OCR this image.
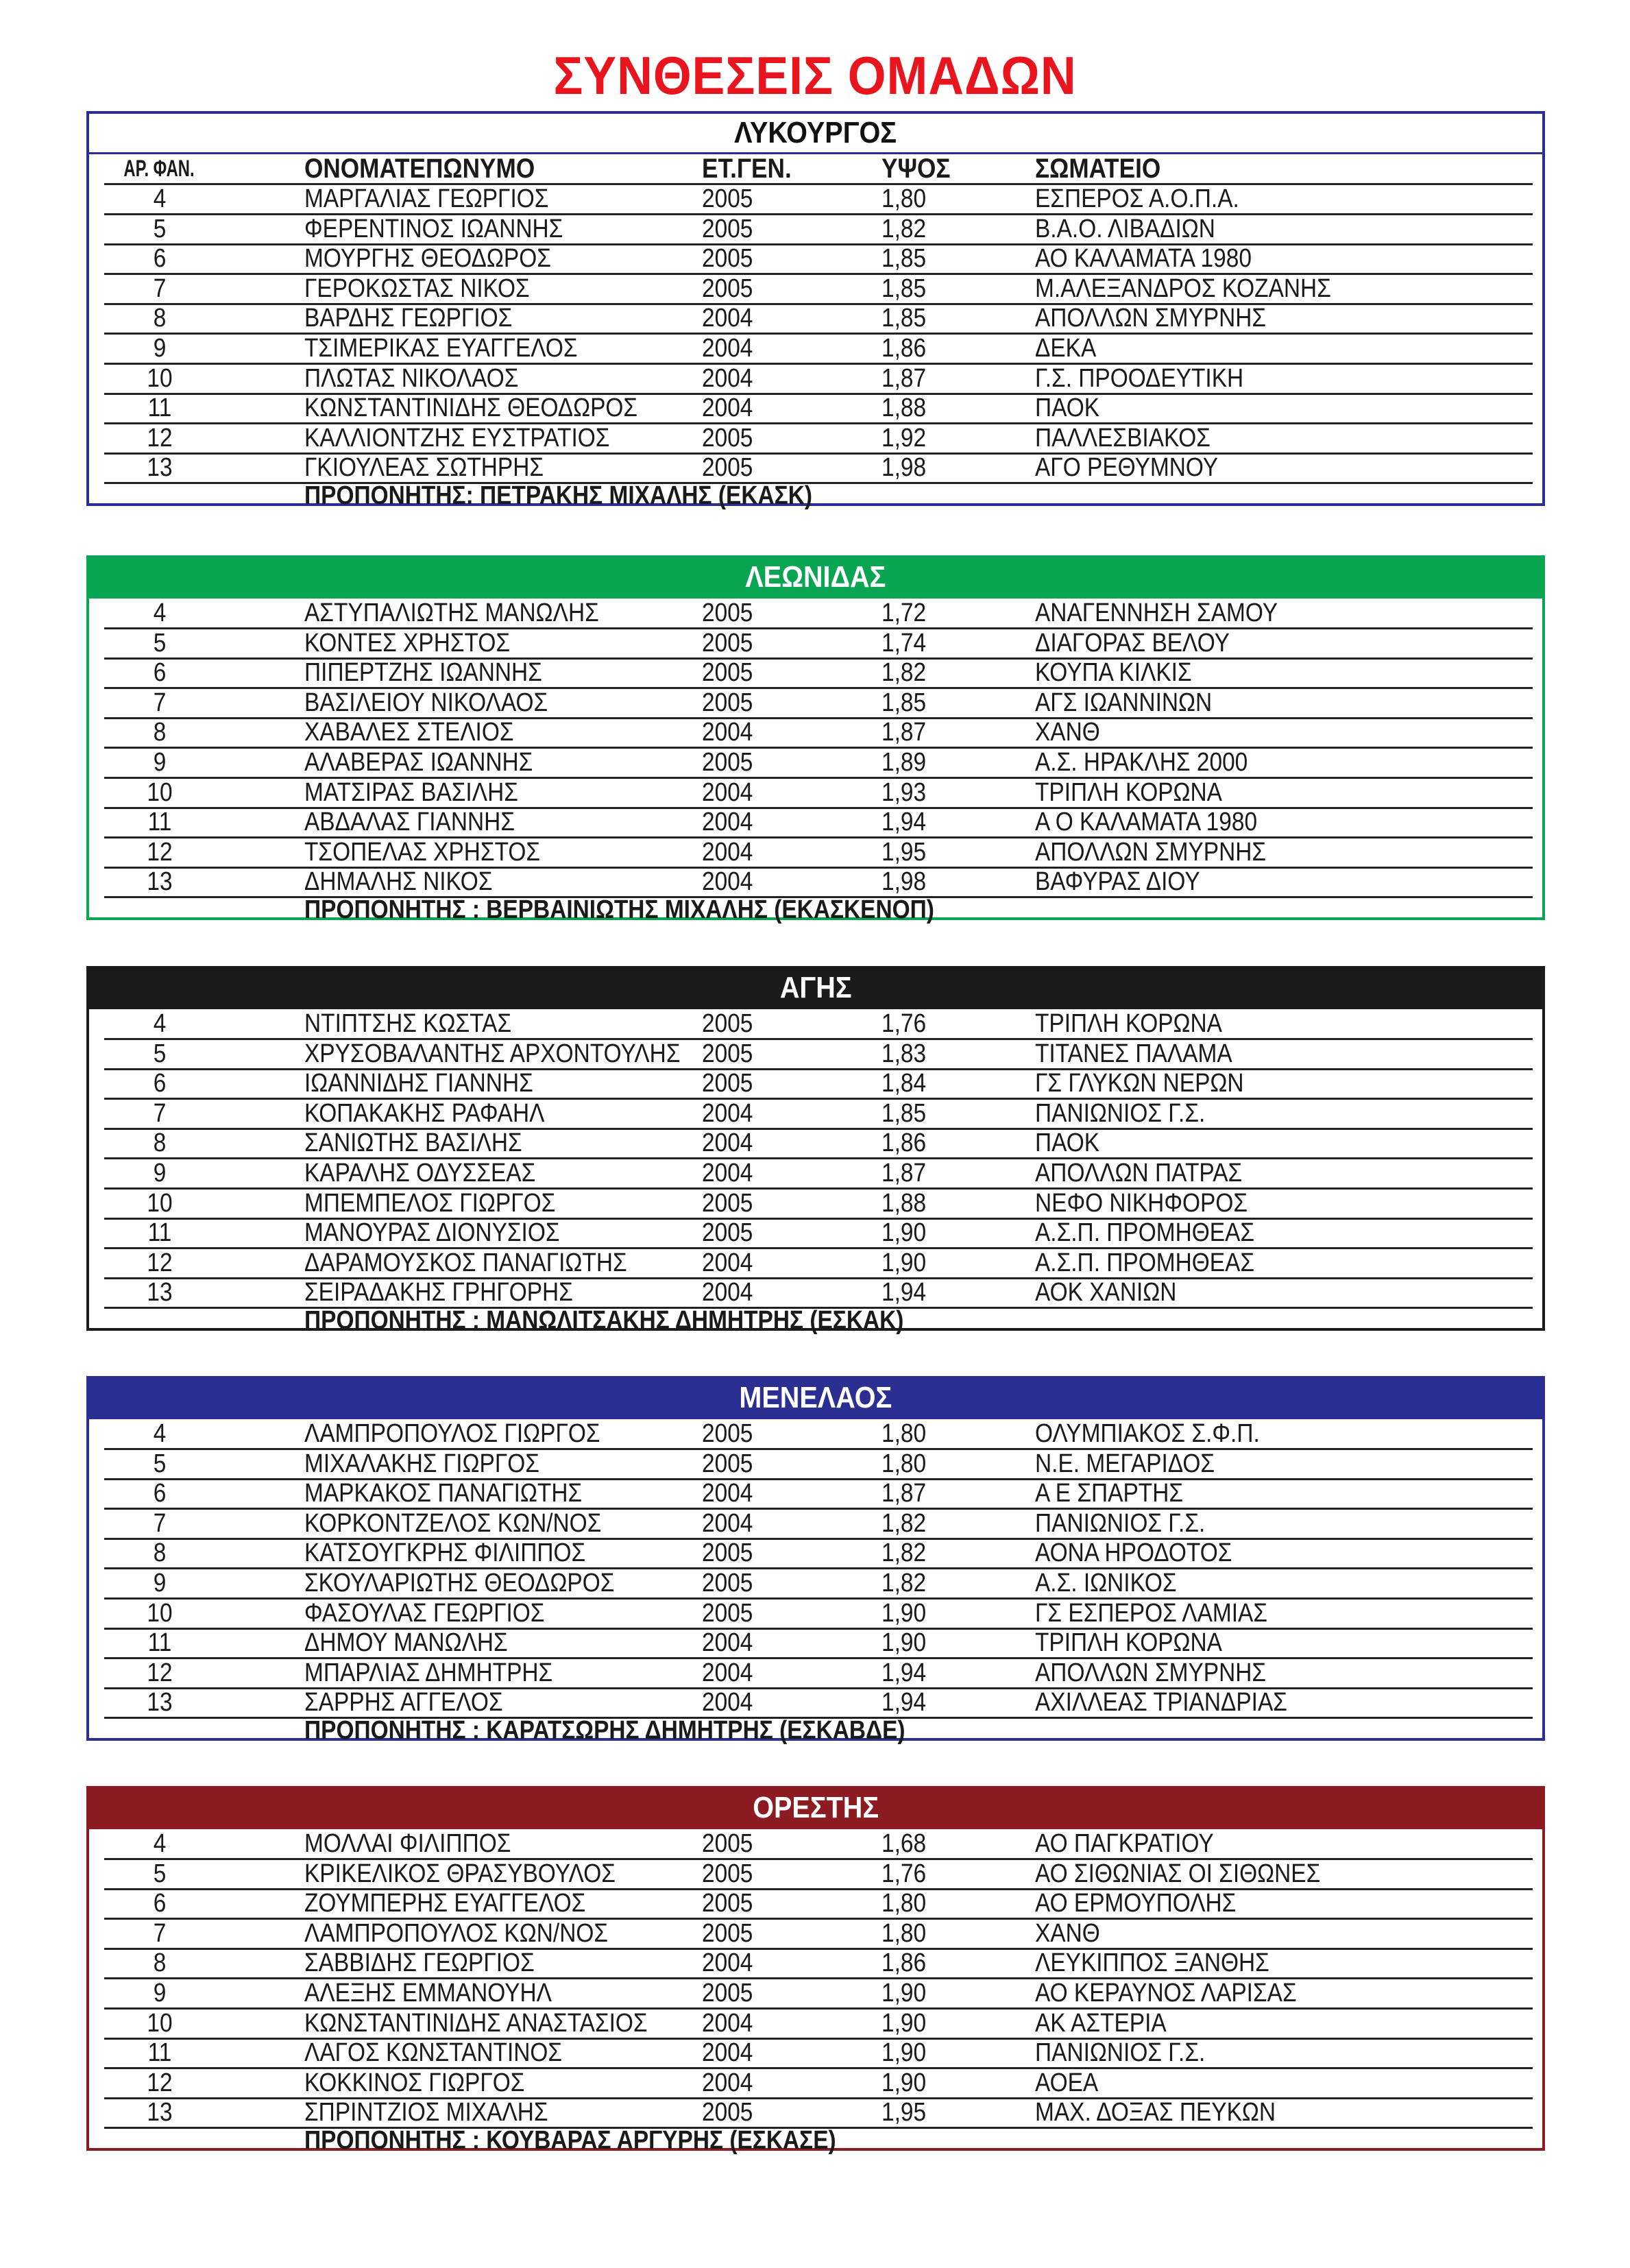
ΣΥΝΘΕΣΕΙΣ ΟΜΑΔΩΝ
ΛΥΚΟΥΡΓΟΣ
ΑΡ. ΦΑΝ.	ΟΝΟΜΑΤΕΠΩΝΥΜΟ	ΕΤ.ΓΕΝ.	ΥΨΟΣ	ΣΩΜΑΤΕΙΟ
4	ΜΑΡΓΑΛΙΑΣ ΓΕΩΡΓΙΟΣ	2005	1,80	ΕΣΠΕΡΟΣ Α.Ο.Π.Α.
5	ΦΕΡΕΝΤΙΝΟΣ ΙΩΑΝΝΗΣ	2005	1,82	Β.Α.Ο. ΛΙΒΑΔΙΩΝ
6	ΜΟΥΡΓΗΣ ΘΕΟΔΩΡΟΣ	2005	1,85	ΑΟ ΚΑΛΑΜΑΤΑ 1980
7	ΓΕΡΟΚΩΣΤΑΣ ΝΙΚΟΣ	2005	1,85	Μ.ΑΛΕΞΑΝΔΡΟΣ ΚΟΖΑΝΗΣ
8	ΒΑΡΔΗΣ ΓΕΩΡΓΙΟΣ	2004	1,85	ΑΠΟΛΛΩΝ ΣΜΥΡΝΗΣ
9	ΤΣΙΜΕΡΙΚΑΣ ΕΥΑΓΓΕΛΟΣ	2004	1,86	ΔΕΚΑ
10	ΠΛΩΤΑΣ ΝΙΚΟΛΑΟΣ	2004	1,87	Γ.Σ. ΠΡΟΟΔΕΥΤΙΚΗ
11	ΚΩΝΣΤΑΝΤΙΝΙΔΗΣ ΘΕΟΔΩΡΟΣ 2004	1,88	ΠΑΟΚ
12	ΚΑΛΛΙΟΝΤΖΗΣ ΕΥΣΤΡΑΤΙΟΣ	2005	1,92	ΠΑΛΛΕΣΒΙΑΚΟΣ
13	ΓΚΙΟΥΛΕΑΣ ΣΩΤΗΡΗΣ	2005	1,98	ΑΓΟ ΡΕΘΥΜΝΟΥ
ΠΡΟΠΟΝΗΤΗΣ: ΠΕΤΡΑΚΗΣ ΜΙΧΑΛΗΣ (ΕΚΑΣΚ)
ΛΕΩΝΙΔΑΣ
4	ΑΣΤΥΠΑΛΙΩΤΗΣ ΜΑΝΩΛΗΣ	2005	1,72	ΑΝΑΓΕΝΝΗΣΗ ΣΑΜΟΥ
5	ΚΟΝΤΕΣ ΧΡΗΣΤΟΣ	2005	1,74	ΔΙΑΓΟΡΑΣ ΒΕΛΟΥ
6	ΠΙΠΕΡΤΖΗΣ ΙΩΑΝΝΗΣ	2005	1,82	ΚΟΥΠΑ ΚΙΛΚΙΣ
7	ΒΑΣΙΛΕΙΟΥ ΝΙΚΟΛΑΟΣ	2005	1,85	ΑΓΣ ΙΩΑΝΝΙΝΩΝ
8	ΧΑΒΑΛΕΣ ΣΤΕΛΙΟΣ	2004	1,87	ΧΑΝΘ
9	ΑΛΑΒΕΡΑΣ ΙΩΑΝΝΗΣ	2005	1,89	Α.Σ. ΗΡΑΚΛΗΣ 2000
10	ΜΑΤΣΙΡΑΣ ΒΑΣΙΛΗΣ	2004	1,93	ΤΡΙΠΛΗ ΚΟΡΩΝΑ
11	ΑΒΔΑΛΑΣ ΓΙΑΝΝΗΣ	2004	1,94	Α Ο ΚΑΛΑΜΑΤΑ 1980
12	ΤΣΟΠΕΛΑΣ ΧΡΗΣΤΟΣ	2004	1,95	ΑΠΟΛΛΩΝ ΣΜΥΡΝΗΣ
13	ΔΗΜΑΛΗΣ ΝΙΚΟΣ	2004	1,98	ΒΑΦΥΡΑΣ ΔΙΟΥ
ΠΡΟΠΟΝΗΤΗΣ : ΒΕΡΒΑΙΝΙΩΤΗΣ ΜΙΧΑΛΗΣ (ΕΚΑΣΚΕΝΟΠ)
ΑΓΗΣ
4	ΝΤΙΠΤΣΗΣ ΚΩΣΤΑΣ	2005	1,76	ΤΡΙΠΛΗ ΚΟΡΩΝΑ
5	ΧΡΥΣΟΒΑΛΑΝΤΗΣ ΑΡΧΟΝΤΟΥΛΗΣ 2005	1,83	ΤΙΤΑΝΕΣ ΠΑΛΑΜΑ
6	ΙΩΑΝΝΙΔΗΣ ΓΙΑΝΝΗΣ	2005	1,84	ΓΣ ΓΛΥΚΩΝ ΝΕΡΩΝ
7	ΚΟΠΑΚΑΚΗΣ ΡΑΦΑΗΛ	2004	1,85	ΠΑΝΙΩΝΙΟΣ Γ.Σ.
8	ΣΑΝΙΩΤΗΣ ΒΑΣΙΛΗΣ	2004	1,86	ΠΑΟΚ
9	ΚΑΡΑΛΗΣ ΟΔΥΣΣΕΑΣ	2004	1,87	ΑΠΟΛΛΩΝ ΠΑΤΡΑΣ
10	ΜΠΕΜΠΕΛΟΣ ΓΙΩΡΓΟΣ	2005	1,88	ΝΕΦΟ ΝΙΚΗΦΟΡΟΣ
11	ΜΑΝΟΥΡΑΣ ΔΙΟΝΥΣΙΟΣ	2005	1,90	Α.Σ.Π. ΠΡΟΜΗΘΕΑΣ
12	ΔΑΡΑΜΟΥΣΚΟΣ ΠΑΝΑΓΙΩΤΗΣ	2004	1,90	Α.Σ.Π. ΠΡΟΜΗΘΕΑΣ
13	ΣΕΙΡΑΔΑΚΗΣ ΓΡΗΓΟΡΗΣ	2004	1,94	ΑΟΚ ΧΑΝΙΩΝ
ΠΡΟΠΟΝΗΤΗΣ : ΜΑΝΩΛΙΤΣΑΚΗΣ ΔΗΜΗΤΡΗΣ (ΕΣΚΑΚ)
ΜΕΝΕΛΑΟΣ
4	ΛΑΜΠΡΟΠΟΥΛΟΣ ΓΙΩΡΓΟΣ	2005	1,80	ΟΛΥΜΠΙΑΚΟΣ Σ.Φ.Π.
5	ΜΙΧΑΛΑΚΗΣ ΓΙΩΡΓΟΣ	2005	1,80	Ν.Ε. ΜΕΓΑΡΙΔΟΣ
6	ΜΑΡΚΑΚΟΣ ΠΑΝΑΓΙΩΤΗΣ	2004	1,87	Α Ε ΣΠΑΡΤΗΣ
7	ΚΟΡΚΟΝΤΖΕΛΟΣ ΚΩΝ/ΝΟΣ	2004	1,82	ΠΑΝΙΩΝΙΟΣ Γ.Σ.
8	ΚΑΤΣΟΥΓΚΡΗΣ ΦΙΛΙΠΠΟΣ	2005	1,82	ΑΟΝΑ ΗΡΟΔΟΤΟΣ
9	ΣΚΟΥΛΑΡΙΩΤΗΣ ΘΕΟΔΩΡΟΣ	2005	1,82	Α.Σ. ΙΩΝΙΚΟΣ
10	ΦΑΣΟΥΛΑΣ ΓΕΩΡΓΙΟΣ	2005	1,90	ΓΣ ΕΣΠΕΡΟΣ ΛΑΜΙΑΣ
11	ΔΗΜΟΥ ΜΑΝΩΛΗΣ	2004	1,90	ΤΡΙΠΛΗ ΚΟΡΩΝΑ
12	ΜΠΑΡΛΙΑΣ ΔΗΜΗΤΡΗΣ	2004	1,94	ΑΠΟΛΛΩΝ ΣΜΥΡΝΗΣ
13	ΣΑΡΡΗΣ ΑΓΓΕΛΟΣ	2004	1,94	ΑΧΙΛΛΕΑΣ ΤΡΙΑΝΔΡΙΑΣ
ΠΡΟΠΟΝΗΤΗΣ : ΚΑΡΑΤΣΩΡΗΣ ΔΗΜΗΤΡΗΣ (ΕΣΚΑΒΔΕ)
ΟΡΕΣΤΗΣ
4	ΜΟΛΛΑΙ ΦΙΛΙΠΠΟΣ	2005	1,68	ΑΟ ΠΑΓΚΡΑΤΙΟΥ
5	ΚΡΙΚΕΛΙΚΟΣ ΘΡΑΣΥΒΟΥΛΟΣ	2005	1,76	ΑΟ ΣΙΘΩΝΙΑΣ ΟΙ ΣΙΘΩΝΕΣ
6	ΖΟΥΜΠΕΡΗΣ ΕΥΑΓΓΕΛΟΣ	2005	1,80	ΑΟ ΕΡΜΟΥΠΟΛΗΣ
7	ΛΑΜΠΡΟΠΟΥΛΟΣ ΚΩΝ/ΝΟΣ	2005	1,80	ΧΑΝΘ
8	ΣΑΒΒΙΔΗΣ ΓΕΩΡΓΙΟΣ	2004	1,86	ΛΕΥΚΙΠΠΟΣ ΞΑΝΘΗΣ
9	ΑΛΕΞΗΣ ΕΜΜΑΝΟΥΗΛ	2005	1,90	ΑΟ ΚΕΡΑΥΝΟΣ ΛΑΡΙΣΑΣ
10	ΚΩΝΣΤΑΝΤΙΝΙΔΗΣ ΑΝΑΣΤΑΣΙΟΣ 2004	1,90	ΑΚ ΑΣΤΕΡΙΑ
11	ΛΑΓΟΣ ΚΩΝΣΤΑΝΤΙΝΟΣ	2004	1,90	ΠΑΝΙΩΝΙΟΣ Γ.Σ.
12	ΚΟΚΚΙΝΟΣ ΓΙΩΡΓΟΣ	2004	1,90	ΑΟΕΑ
13	ΣΠΡΙΝΤΖΙΟΣ ΜΙΧΑΛΗΣ	2005	1,95	ΜΑΧ. ΔΟΞΑΣ ΠΕΥΚΩΝ
ΠΡΟΠΟΝΗΤΗΣ : ΚΟΥΒΑΡΑΣ ΑΡΓΥΡΗΣ (ΕΣΚΑΣΕ)
